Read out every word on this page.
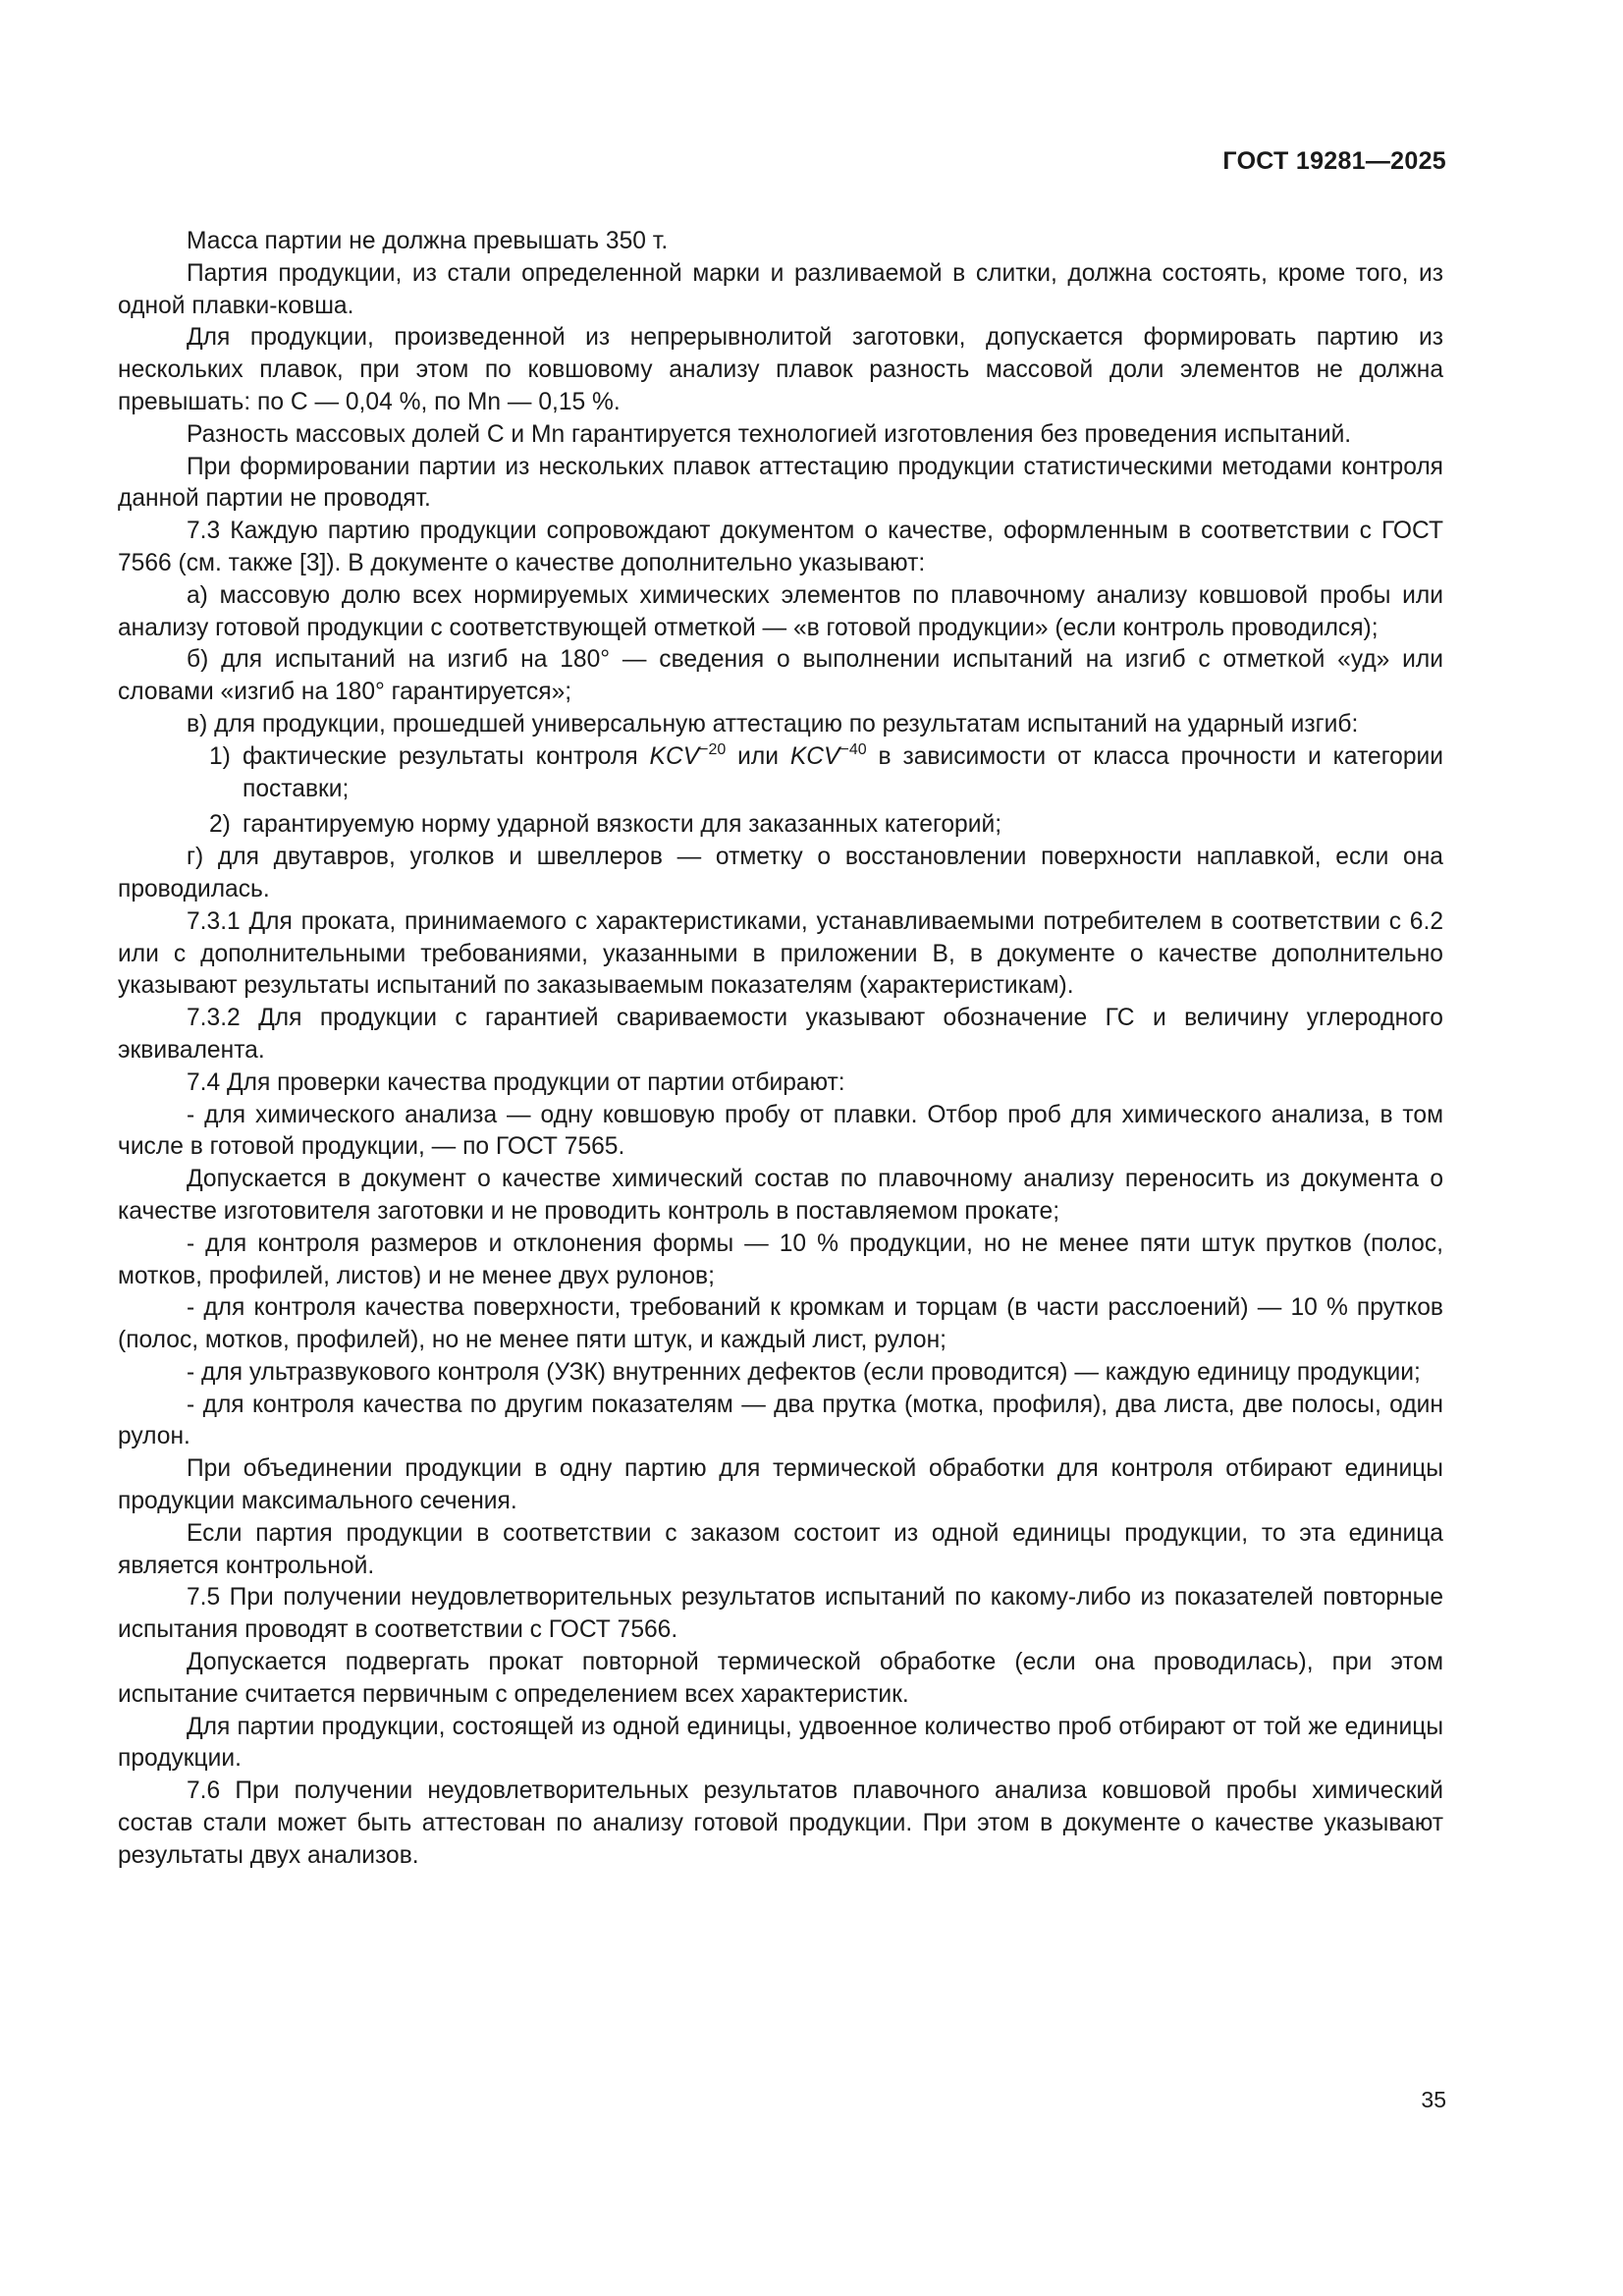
ГОСТ 19281—2025

Масса партии не должна превышать 350 т.

Партия продукции, из стали определенной марки и разливаемой в слитки, должна состоять, кроме того, из одной плавки-ковша.

Для продукции, произведенной из непрерывнолитой заготовки, допускается формировать партию из нескольких плавок, при этом по ковшовому анализу плавок разность массовой доли элементов не должна превышать: по С — 0,04 %, по Mn — 0,15 %.

Разность массовых долей С и Mn гарантируется технологией изготовления без проведения испытаний.

При формировании партии из нескольких плавок аттестацию продукции статистическими методами контроля данной партии не проводят.

7.3 Каждую партию продукции сопровождают документом о качестве, оформленным в соответствии с ГОСТ 7566 (см. также [3]). В документе о качестве дополнительно указывают:

а) массовую долю всех нормируемых химических элементов по плавочному анализу ковшовой пробы или анализу готовой продукции с соответствующей отметкой — «в готовой продукции» (если контроль проводился);

б) для испытаний на изгиб на 180° — сведения о выполнении испытаний на изгиб с отметкой «уд» или словами «изгиб на 180° гарантируется»;

в) для продукции, прошедшей универсальную аттестацию по результатам испытаний на ударный изгиб:

1) фактические результаты контроля $KCV^{-20}$ или $KCV^{-40}$ в зависимости от класса прочности и категории поставки;

2) гарантируемую норму ударной вязкости для заказанных категорий;

г) для двутавров, уголков и швеллеров — отметку о восстановлении поверхности наплавкой, если она проводилась.

7.3.1 Для проката, принимаемого с характеристиками, устанавливаемыми потребителем в соответствии с 6.2 или с дополнительными требованиями, указанными в приложении В, в документе о качестве дополнительно указывают результаты испытаний по заказываемым показателям (характеристикам).

7.3.2 Для продукции с гарантией свариваемости указывают обозначение ГС и величину углеродного эквивалента.

7.4 Для проверки качества продукции от партии отбирают:

- для химического анализа — одну ковшовую пробу от плавки. Отбор проб для химического анализа, в том числе в готовой продукции, — по ГОСТ 7565.

Допускается в документ о качестве химический состав по плавочному анализу переносить из документа о качестве изготовителя заготовки и не проводить контроль в поставляемом прокате;

- для контроля размеров и отклонения формы — 10 % продукции, но не менее пяти штук прутков (полос, мотков, профилей, листов) и не менее двух рулонов;

- для контроля качества поверхности, требований к кромкам и торцам (в части расслоений) — 10 % прутков (полос, мотков, профилей), но не менее пяти штук, и каждый лист, рулон;

- для ультразвукового контроля (УЗК) внутренних дефектов (если проводится) — каждую единицу продукции;

- для контроля качества по другим показателям — два прутка (мотка, профиля), два листа, две полосы, один рулон.

При объединении продукции в одну партию для термической обработки для контроля отбирают единицы продукции максимального сечения.

Если партия продукции в соответствии с заказом состоит из одной единицы продукции, то эта единица является контрольной.

7.5 При получении неудовлетворительных результатов испытаний по какому-либо из показателей повторные испытания проводят в соответствии с ГОСТ 7566.

Допускается подвергать прокат повторной термической обработке (если она проводилась), при этом испытание считается первичным с определением всех характеристик.

Для партии продукции, состоящей из одной единицы, удвоенное количество проб отбирают от той же единицы продукции.

7.6 При получении неудовлетворительных результатов плавочного анализа ковшовой пробы химический состав стали может быть аттестован по анализу готовой продукции. При этом в документе о качестве указывают результаты двух анализов.

35
